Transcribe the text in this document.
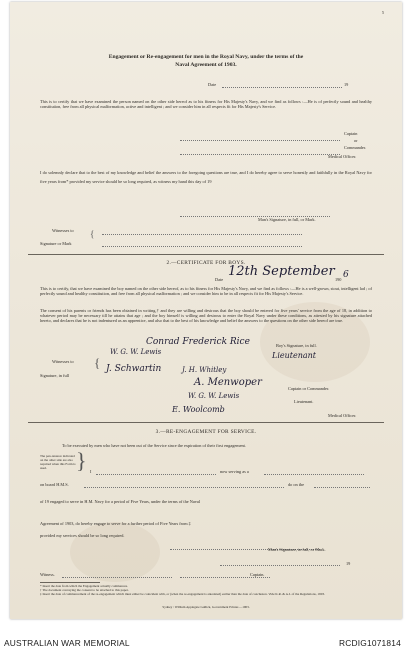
5
Engagement or Re-engagement for men in the Royal Navy, under the terms of the
Naval Agreement of 1903.
Date	19
This is to certify that we have examined the person named on the other side hereof as to his fitness for His Majesty's Navy, and we find as follows :—He is of perfectly sound and healthy constitution, free from all physical malformation, active and intelligent ; and we consider him in all respects fit for His Majesty's Service.
Captain
or
Commander.
Medical Officer.
I do solemnly declare that to the best of my knowledge and belief the answers to the foregoing questions are true, and I do hereby agree to serve honestly and faithfully in the Royal Navy for five years from* provided my service should be so long required, as witness my hand this day of 19
Man's Signature, in full, or Mark.
Witnesses to
Signature or Mark
{
2.—CERTIFICATE FOR BOYS.
Date
12th September
190 6
This is to certify, that we have examined the boy named on the other side hereof, as to his fitness for His Majesty's Navy, and we find as follows :—He is a well-grown, stout, intelligent lad ; of perfectly sound and healthy constitution, and free from all physical malformation ; and we consider him to be in all respects fit for His Majesty's Service.
The consent of his parents or friends has been obtained in writing,† and they are willing and desirous that the boy should be entered for five years' service from the age of 18, in addition to whatever period may be necessary till he attains that age ; and the boy himself is willing and desirous to enter the Royal Navy under these conditions, as attested by his signature attached hereto, and declares that he is not indentured as an apprentice, and also that to the best of his knowledge and belief the answers to the questions on the other side hereof are true.
Conrad Frederick Rice	Boy's Signature, in full.
Witnesses to
Signature, in full
{
W. G. W. Lewis	Lieutenant
J. Schwartin	J. H. Whitley
A. Menwoper
Captain or Commander.
W. G. W. Lewis
Lieutenant.
E. Woolcomb
Medical Officer.
3.—RE-ENGAGEMENT FOR SERVICE.
To be executed by men who have not been out of the Service since the expiration of their first engagement.
The pen-tenance indicated on the other side are also required when this Form is used.	} I	now serving as a
on board H.M.S.	do on the
of 19 engaged to serve in H.M. Navy for a period of Five Years, under the terms of the Naval
Agreement of 1903, do hereby engage to serve for a further period of Five Years from ‡
provided my services should be so long required.
Man's Signature, in full, or Mark.
19
Witness.	Captain.
* Insert the date from which the Engagement actually commences.
† The document conveying the consent to be attached to this paper.
‡ Insert the date of commencement of the re-engagement which must either be coincident with, or (when the re-engagement is antedated) earlier than the date of conclusion. Vide K.R. & A.I. of the Regulations, 1903.
Sydney : William Applegate Gullick, Government Printer.—1903.
AUSTRALIAN WAR MEMORIAL	RCDIG1071814
